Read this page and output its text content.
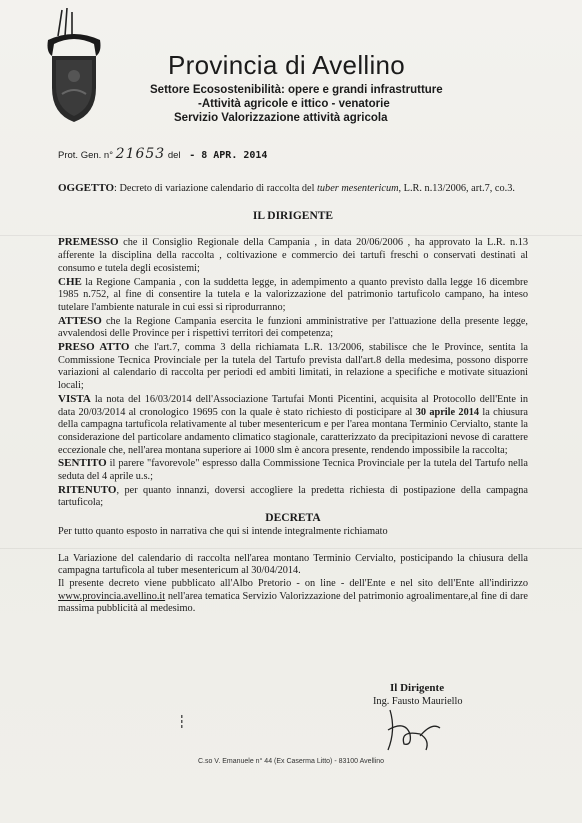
Provincia di Avellino
Settore Ecosostenibilità: opere e grandi infrastrutture
-Attività agricole e ittico - venatorie
Servizio Valorizzazione attività agricola
Prot. Gen. n° 21653 del - 8 APR. 2014

OGGETTO: Decreto di variazione calendario di raccolta del tuber mesentericum, L.R. n.13/2006, art.7, co.3.

IL DIRIGENTE

PREMESSO che il Consiglio Regionale della Campania , in data 20/06/2006 , ha approvato la L.R. n.13 afferente la disciplina della raccolta , coltivazione e commercio dei tartufi freschi o conservati destinati al consumo e tutela degli ecosistemi;

CHE la Regione Campania , con la suddetta legge, in adempimento a quanto previsto dalla legge 16 dicembre 1985 n.752, al fine di consentire la tutela e la valorizzazione del patrimonio tartuficolo campano, ha inteso tutelare l'ambiente naturale in cui essi si riprodurranno;

ATTESO che la Regione Campania esercita le funzioni amministrative per l'attuazione della presente legge, avvalendosi delle Province per i rispettivi territori dei competenza;

PRESO ATTO che l'art.7, comma 3 della richiamata L.R. 13/2006, stabilisce che le Province, sentita la Commissione Tecnica Provinciale per la tutela del Tartufo prevista dall'art.8 della medesima, possono disporre variazioni al calendario di raccolta per periodi ed ambiti limitati, in relazione a specifiche e motivate situazioni locali;

VISTA la nota del 16/03/2014 dell'Associazione Tartufai Monti Picentini, acquisita al Protocollo dell'Ente in data 20/03/2014 al cronologico 19695 con la quale è stato richiesto di posticipare al 30 aprile 2014 la chiusura della campagna tartuficola relativamente al tuber mesentericum e per l'area montana Terminio Cervialto, stante la considerazione del particolare andamento climatico stagionale, caratterizzato da precipitazioni nevose di carattere eccezionale che, nell'area montana superiore ai 1000 slm è ancora presente, rendendo impossibile la raccolta;

SENTITO il parere "favorevole" espresso dalla Commissione Tecnica Provinciale per la tutela del Tartufo nella seduta del 4 aprile u.s.;

RITENUTO, per quanto innanzi, doversi accogliere la predetta richiesta di postipazione della campagna tartuficola;

DECRETA

Per tutto quanto esposto in narrativa che qui si intende integralmente richiamato

La Variazione del calendario di raccolta nell'area montano Terminio Cervialto, posticipando la chiusura della campagna tartuficola al tuber mesentericum al 30/04/2014.

Il presente decreto viene pubblicato all'Albo Pretorio - on line - dell'Ente e nel sito dell'Ente all'indirizzo www.provincia.avellino.it nell'area tematica Servizio Valorizzazione del patrimonio agroalimentare,al fine di dare massima pubblicità al medesimo.

Il Dirigente
Ing. Fausto Mauriello
C.so V. Emanuele n° 44 (Ex Caserma Litto) - 83100 Avellino
